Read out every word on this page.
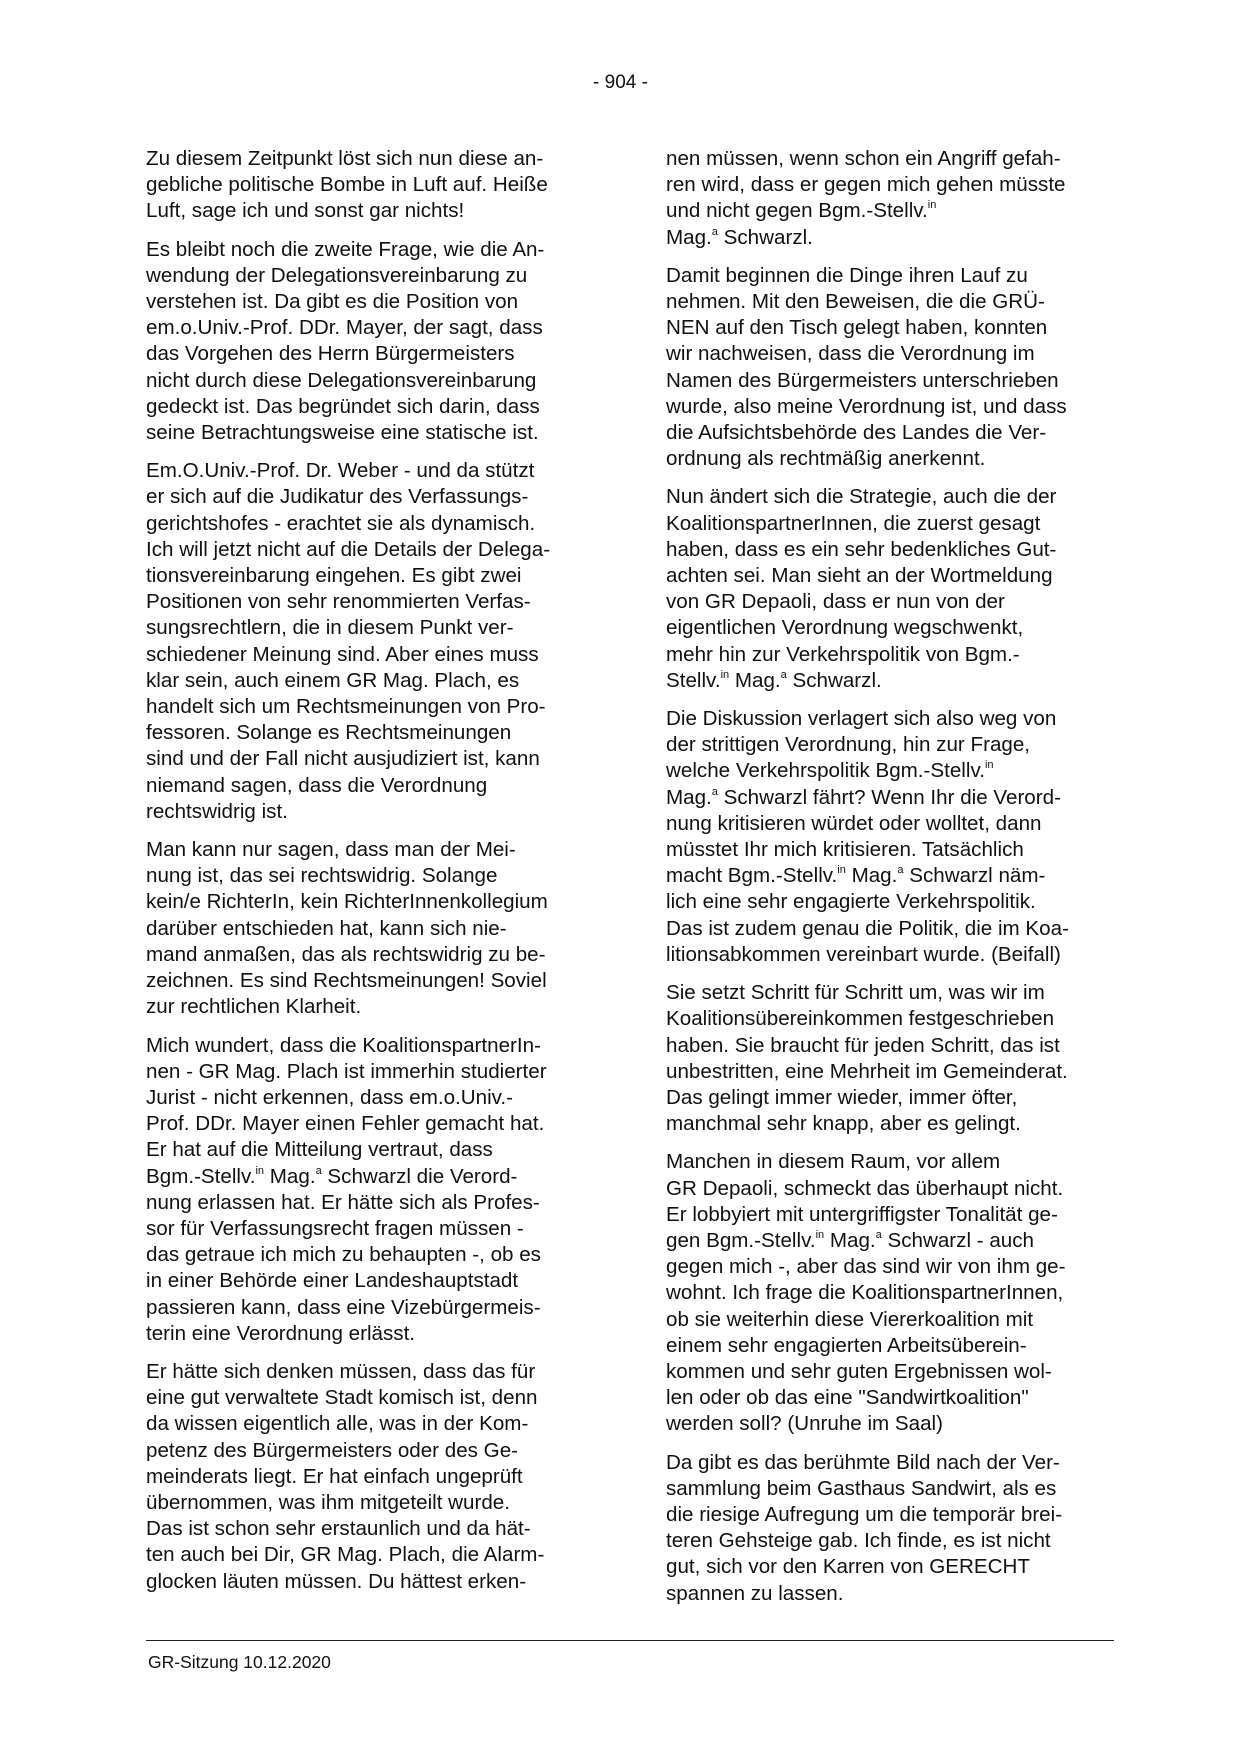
- 904 -

Zu diesem Zeitpunkt löst sich nun diese an-
gebliche politische Bombe in Luft auf. Heiße
Luft, sage ich und sonst gar nichts!

Es bleibt noch die zweite Frage, wie die An-
wendung der Delegationsvereinbarung zu
verstehen ist. Da gibt es die Position von
em.o.Univ.-Prof. DDr. Mayer, der sagt, dass
das Vorgehen des Herrn Bürgermeisters
nicht durch diese Delegationsvereinbarung
gedeckt ist. Das begründet sich darin, dass
seine Betrachtungsweise eine statische ist.

Em.O.Univ.-Prof. Dr. Weber - und da stützt
er sich auf die Judikatur des Verfassungs-
gerichtshofes - erachtet sie als dynamisch.
Ich will jetzt nicht auf die Details der Delega-
tionsvereinbarung eingehen. Es gibt zwei
Positionen von sehr renommierten Verfas-
sungsrechtlern, die in diesem Punkt ver-
schiedener Meinung sind. Aber eines muss
klar sein, auch einem GR Mag. Plach, es
handelt sich um Rechtsmeinungen von Pro-
fessoren. Solange es Rechtsmeinungen
sind und der Fall nicht ausjudiziert ist, kann
niemand sagen, dass die Verordnung
rechtswidrig ist.

Man kann nur sagen, dass man der Mei-
nung ist, das sei rechtswidrig. Solange
kein/e RichterIn, kein RichterInnenkollegium
darüber entschieden hat, kann sich nie-
mand anmaßen, das als rechtswidrig zu be-
zeichnen. Es sind Rechtsmeinungen! Soviel
zur rechtlichen Klarheit.

Mich wundert, dass die KoalitionspartnerIn-
nen - GR Mag. Plach ist immerhin studierter
Jurist - nicht erkennen, dass em.o.Univ.-
Prof. DDr. Mayer einen Fehler gemacht hat.
Er hat auf die Mitteilung vertraut, dass
Bgm.-Stellv.$^{in}$ Mag.$^a$ Schwarzl die Verord-
nung erlassen hat. Er hätte sich als Profes-
sor für Verfassungsrecht fragen müssen -
das getraue ich mich zu behaupten -, ob es
in einer Behörde einer Landeshauptstadt
passieren kann, dass eine Vizebürgermeis-
terin eine Verordnung erlässt.

Er hätte sich denken müssen, dass das für
eine gut verwaltete Stadt komisch ist, denn
da wissen eigentlich alle, was in der Kom-
petenz des Bürgermeisters oder des Ge-
meinderats liegt. Er hat einfach ungeprüft
übernommen, was ihm mitgeteilt wurde.
Das ist schon sehr erstaunlich und da hät-
ten auch bei Dir, GR Mag. Plach, die Alarm-
glocken läuten müssen. Du hättest erken-

nen müssen, wenn schon ein Angriff gefah-
ren wird, dass er gegen mich gehen müsste
und nicht gegen Bgm.-Stellv.$^{in}$
Mag.$^a$ Schwarzl.

Damit beginnen die Dinge ihren Lauf zu
nehmen. Mit den Beweisen, die die GRÜ-
NEN auf den Tisch gelegt haben, konnten
wir nachweisen, dass die Verordnung im
Namen des Bürgermeisters unterschrieben
wurde, also meine Verordnung ist, und dass
die Aufsichtsbehörde des Landes die Ver-
ordnung als rechtmäßig anerkennt.

Nun ändert sich die Strategie, auch die der
KoalitionspartnerInnen, die zuerst gesagt
haben, dass es ein sehr bedenkliches Gut-
achten sei. Man sieht an der Wortmeldung
von GR Depaoli, dass er nun von der
eigentlichen Verordnung wegschwenkt,
mehr hin zur Verkehrspolitik von Bgm.-
Stellv.$^{in}$ Mag.$^a$ Schwarzl.

Die Diskussion verlagert sich also weg von
der strittigen Verordnung, hin zur Frage,
welche Verkehrspolitik Bgm.-Stellv.$^{in}$
Mag.$^a$ Schwarzl fährt? Wenn Ihr die Verord-
nung kritisieren würdet oder wolltet, dann
müsstet Ihr mich kritisieren. Tatsächlich
macht Bgm.-Stellv.$^{in}$ Mag.$^a$ Schwarzl näm-
lich eine sehr engagierte Verkehrspolitik.
Das ist zudem genau die Politik, die im Koa-
litionsabkommen vereinbart wurde. (Beifall)

Sie setzt Schritt für Schritt um, was wir im
Koalitionsübereinkommen festgeschrieben
haben. Sie braucht für jeden Schritt, das ist
unbestritten, eine Mehrheit im Gemeinderat.
Das gelingt immer wieder, immer öfter,
manchmal sehr knapp, aber es gelingt.

Manchen in diesem Raum, vor allem
GR Depaoli, schmeckt das überhaupt nicht.
Er lobbyiert mit untergriffigster Tonalität ge-
gen Bgm.-Stellv.$^{in}$ Mag.$^a$ Schwarzl - auch
gegen mich -, aber das sind wir von ihm ge-
wohnt. Ich frage die KoalitionspartnerInnen,
ob sie weiterhin diese Viererkoalition mit
einem sehr engagierten Arbeitsüberein-
kommen und sehr guten Ergebnissen wol-
len oder ob das eine "Sandwirtkoalition"
werden soll? (Unruhe im Saal)

Da gibt es das berühmte Bild nach der Ver-
sammlung beim Gasthaus Sandwirt, als es
die riesige Aufregung um die temporär brei-
teren Gehsteige gab. Ich finde, es ist nicht
gut, sich vor den Karren von GERECHT
spannen zu lassen.

GR-Sitzung 10.12.2020
